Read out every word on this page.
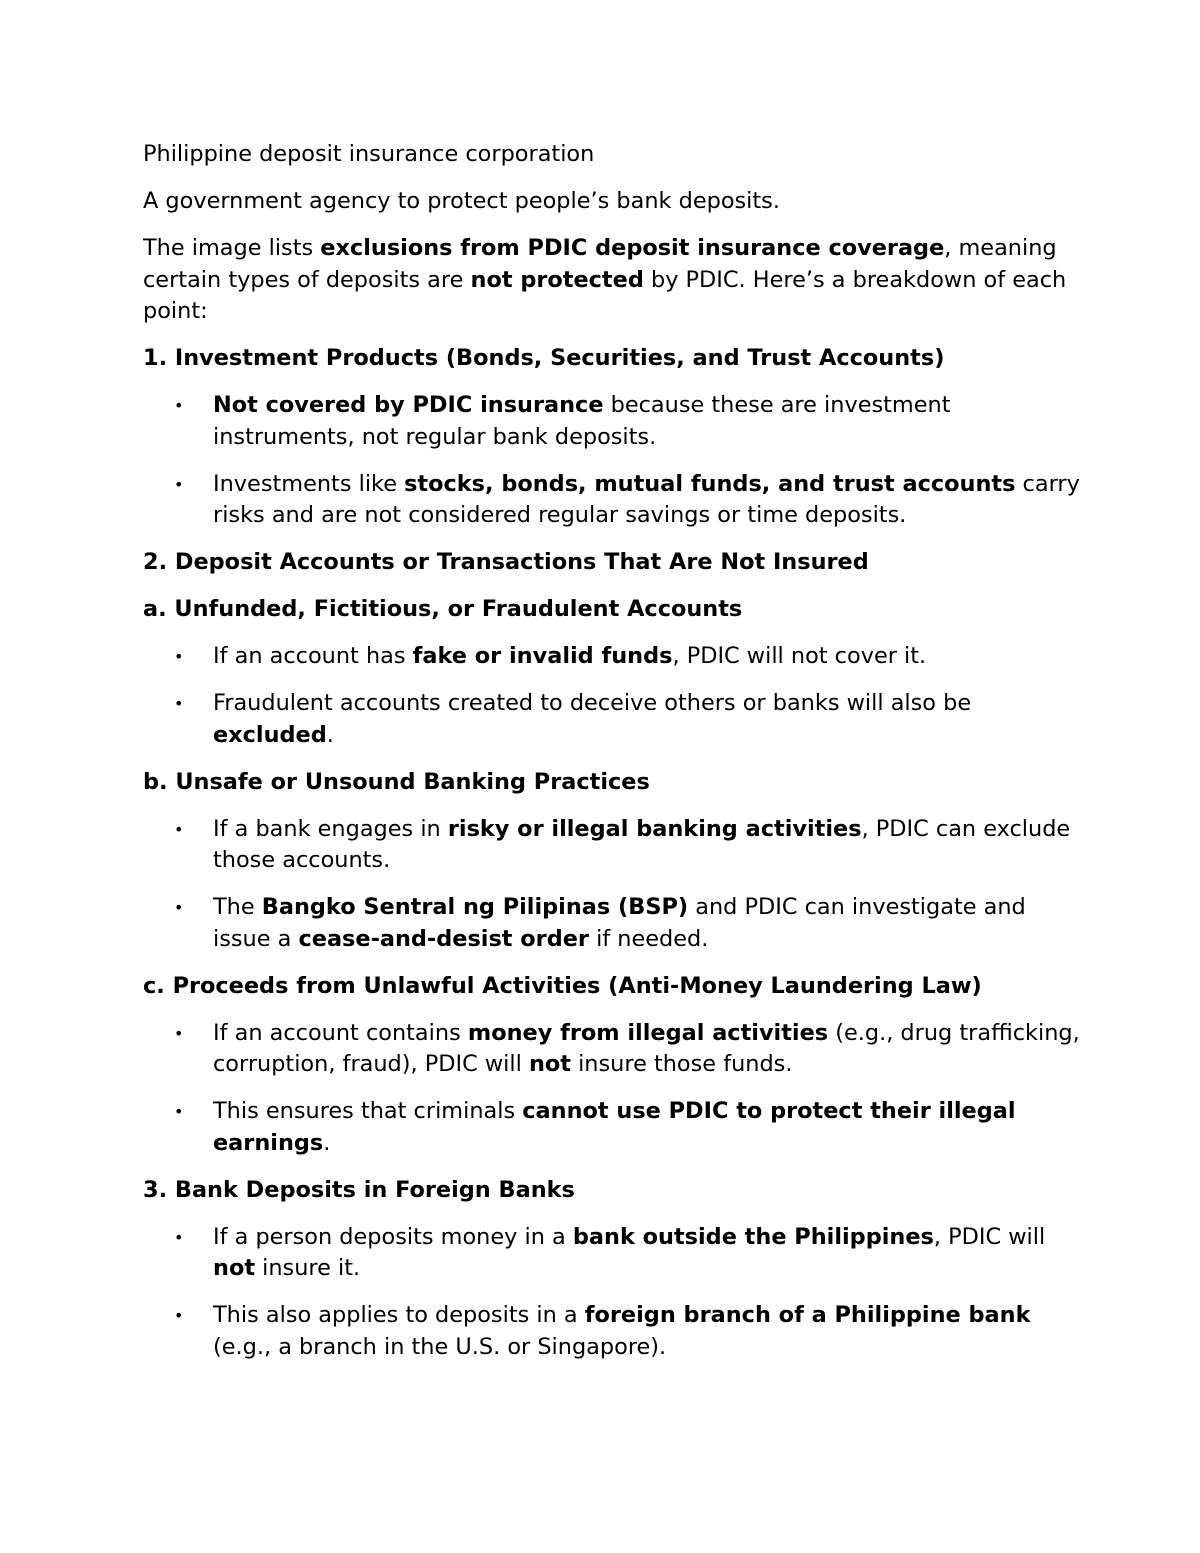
Philippine deposit insurance corporation

A government agency to protect people’s bank deposits.

The image lists exclusions from PDIC deposit insurance coverage, meaning certain types of deposits are not protected by PDIC. Here’s a breakdown of each point:

1. Investment Products (Bonds, Securities, and Trust Accounts)
• Not covered by PDIC insurance because these are investment instruments, not regular bank deposits.
• Investments like stocks, bonds, mutual funds, and trust accounts carry risks and are not considered regular savings or time deposits.
2. Deposit Accounts or Transactions That Are Not Insured
a. Unfunded, Fictitious, or Fraudulent Accounts
• If an account has fake or invalid funds, PDIC will not cover it.
• Fraudulent accounts created to deceive others or banks will also be excluded.
b. Unsafe or Unsound Banking Practices
• If a bank engages in risky or illegal banking activities, PDIC can exclude those accounts.
• The Bangko Sentral ng Pilipinas (BSP) and PDIC can investigate and issue a cease-and-desist order if needed.
c. Proceeds from Unlawful Activities (Anti-Money Laundering Law)
• If an account contains money from illegal activities (e.g., drug trafficking, corruption, fraud), PDIC will not insure those funds.
• This ensures that criminals cannot use PDIC to protect their illegal earnings.
3. Bank Deposits in Foreign Banks
• If a person deposits money in a bank outside the Philippines, PDIC will not insure it.
• This also applies to deposits in a foreign branch of a Philippine bank (e.g., a branch in the U.S. or Singapore).
